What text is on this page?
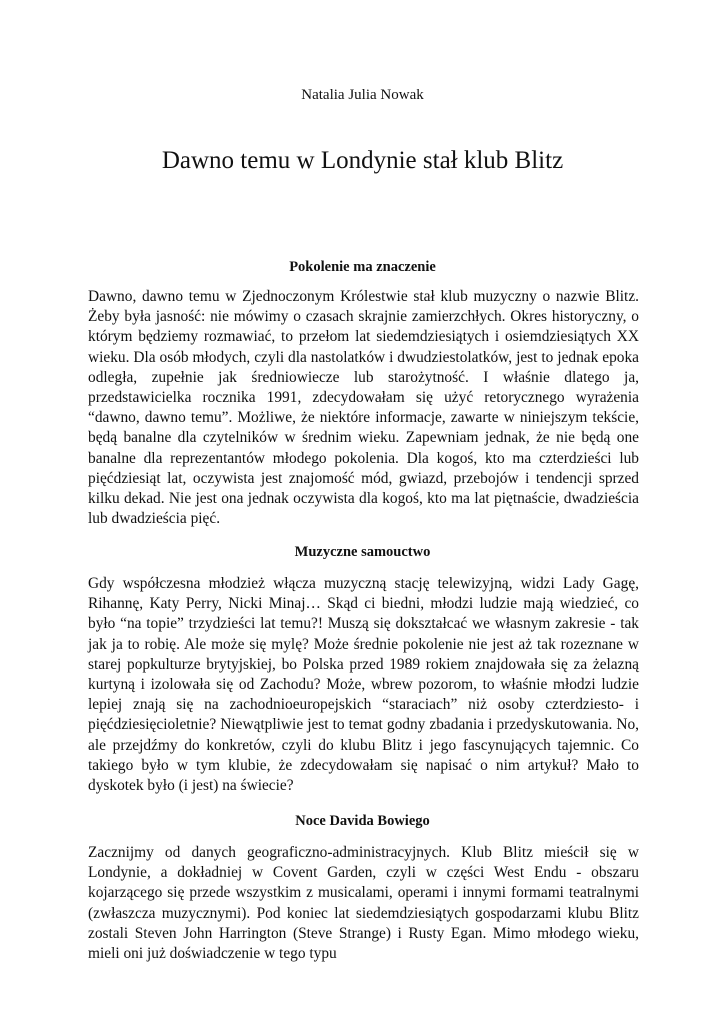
Natalia Julia Nowak
Dawno temu w Londynie stał klub Blitz
Pokolenie ma znaczenie

Dawno, dawno temu w Zjednoczonym Królestwie stał klub muzyczny o nazwie Blitz. Żeby była jasność: nie mówimy o czasach skrajnie zamierzchłych. Okres historyczny, o którym będziemy rozmawiać, to przełom lat siedemdziesiątych i osiemdziesiątych XX wieku. Dla osób młodych, czyli dla nastolatków i dwudziestolatków, jest to jednak epoka odległa, zupełnie jak średniowiecze lub starożytność. I właśnie dlatego ja, przedstawicielka rocznika 1991, zdecydowałam się użyć retorycznego wyrażenia “dawno, dawno temu”. Możliwe, że niektóre informacje, zawarte w niniejszym tekście, będą banalne dla czytelników w średnim wieku. Zapewniam jednak, że nie będą one banalne dla reprezentantów młodego pokolenia. Dla kogoś, kto ma czterdzieści lub pięćdziesiąt lat, oczywista jest znajomość mód, gwiazd, przebojów i tendencji sprzed kilku dekad. Nie jest ona jednak oczywista dla kogoś, kto ma lat piętnaście, dwadzieścia lub dwadzieścia pięć.

Muzyczne samouctwo

Gdy współczesna młodzież włącza muzyczną stację telewizyjną, widzi Lady Gagę, Rihannę, Katy Perry, Nicki Minaj… Skąd ci biedni, młodzi ludzie mają wiedzieć, co było “na topie” trzydzieści lat temu?! Muszą się dokształcać we własnym zakresie - tak jak ja to robię. Ale może się mylę? Może średnie pokolenie nie jest aż tak rozeznane w starej popkulturze brytyjskiej, bo Polska przed 1989 rokiem znajdowała się za żelazną kurtyną i izolowała się od Zachodu? Może, wbrew pozorom, to właśnie młodzi ludzie lepiej znają się na zachodnioeuropejskich “staraciach” niż osoby czterdziesto- i pięćdziesięcioletnie? Niewątpliwie jest to temat godny zbadania i przedyskutowania. No, ale przejdźmy do konkretów, czyli do klubu Blitz i jego fascynujących tajemnic. Co takiego było w tym klubie, że zdecydowałam się napisać o nim artykuł? Mało to dyskotek było (i jest) na świecie?

Noce Davida Bowiego

Zacznijmy od danych geograficzno-administracyjnych. Klub Blitz mieścił się w Londynie, a dokładniej w Covent Garden, czyli w części West Endu - obszaru kojarzącego się przede wszystkim z musicalami, operami i innymi formami teatralnymi (zwłaszcza muzycznymi). Pod koniec lat siedemdziesiątych gospodarzami klubu Blitz zostali Steven John Harrington (Steve Strange) i Rusty Egan. Mimo młodego wieku, mieli oni już doświadczenie w tego typu
